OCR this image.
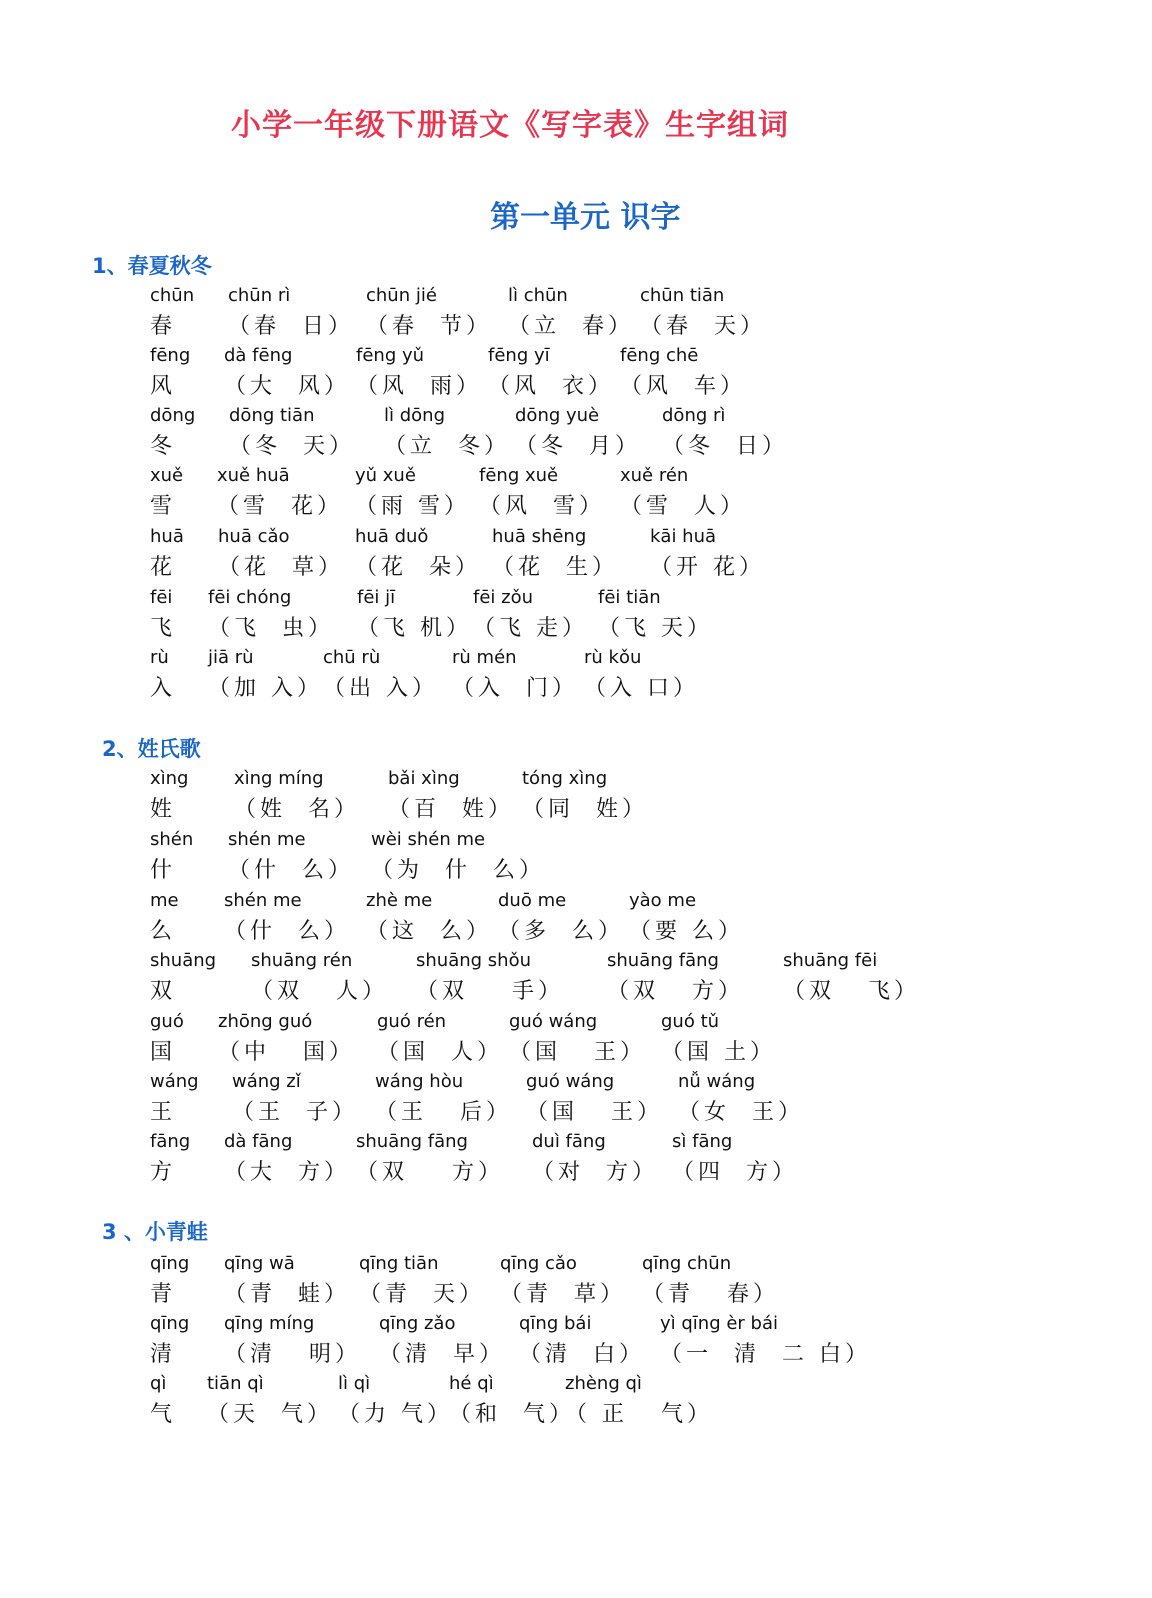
小学一年级下册语文《写字表》生字组词
第一单元 识字
1、春夏秋冬
chūn
春
chūn rì
（春  日）
chūn jié
（春  节）
lì chūn
（立  春）
chūn tiān
（春  天）
fēng
风
dà fēng
（大  风）
fēng yǔ
（风  雨）
fēng yī
（风  衣）
fēng chē
（风  车）
dōng
冬
dōng tiān
（冬  天）
lì dōng
（立  冬）
dōng yuè
（冬  月）
dōng rì
（冬  日）
xuě
雪
xuě huā
（雪  花）
yǔ xuě
（雨 雪）
fēng xuě
（风  雪）
xuě rén
（雪  人）
huā
花
huā cǎo
（花  草）
huā duǒ
（花  朵）
huā shēng
（花  生）
kāi huā
（开 花）
fēi
飞
fēi chóng
（飞  虫）
fēi jī
（飞 机）
fēi zǒu
（飞 走）
fēi tiān
（飞 天）
rù
入
jiā rù
（加 入）
chū rù
（出 入）
rù mén
（入  门）
rù kǒu
（入 口）
2、姓氏歌
xìng
姓
xìng míng
（姓  名）
bǎi xìng
（百  姓）
tóng xìng
（同  姓）
shén
什
shén me
（什  么）
wèi shén me
（为  什  么）
me
么
shén me
（什  么）
zhè me
（这  么）
duō me
（多  么）
yào me
（要 么）
shuāng
双
shuāng rén
（双   人）
shuāng shǒu
（双    手）
shuāng fāng
（双   方）
shuāng fēi
（双   飞）
guó
国
zhōng guó
（中   国）
guó rén
（国  人）
guó wáng
（国   王）
guó tǔ
（国 土）
wáng
王
wáng zǐ
（王  子）
wáng hòu
（王   后）
guó wáng
（国   王）
nǚ wáng
（女  王）
fāng
方
dà fāng
（大  方）
shuāng fāng
（双    方）
duì fāng
（对  方）
sì fāng
（四  方）
3 、小青蛙
qīng
青
qīng wā
（青  蛙）
qīng tiān
（青  天）
qīng cǎo
（青  草）
qīng chūn
（青   春）
qīng
清
qīng míng
（清   明）
qīng zǎo
（清  早）
qīng bái
（清  白）
yì qīng èr bái
（一  清  二 白）
qì
气
tiān qì
（天  气）
lì qì
（力 气）
hé qì
（和  气）
zhèng qì
（ 正   气）
